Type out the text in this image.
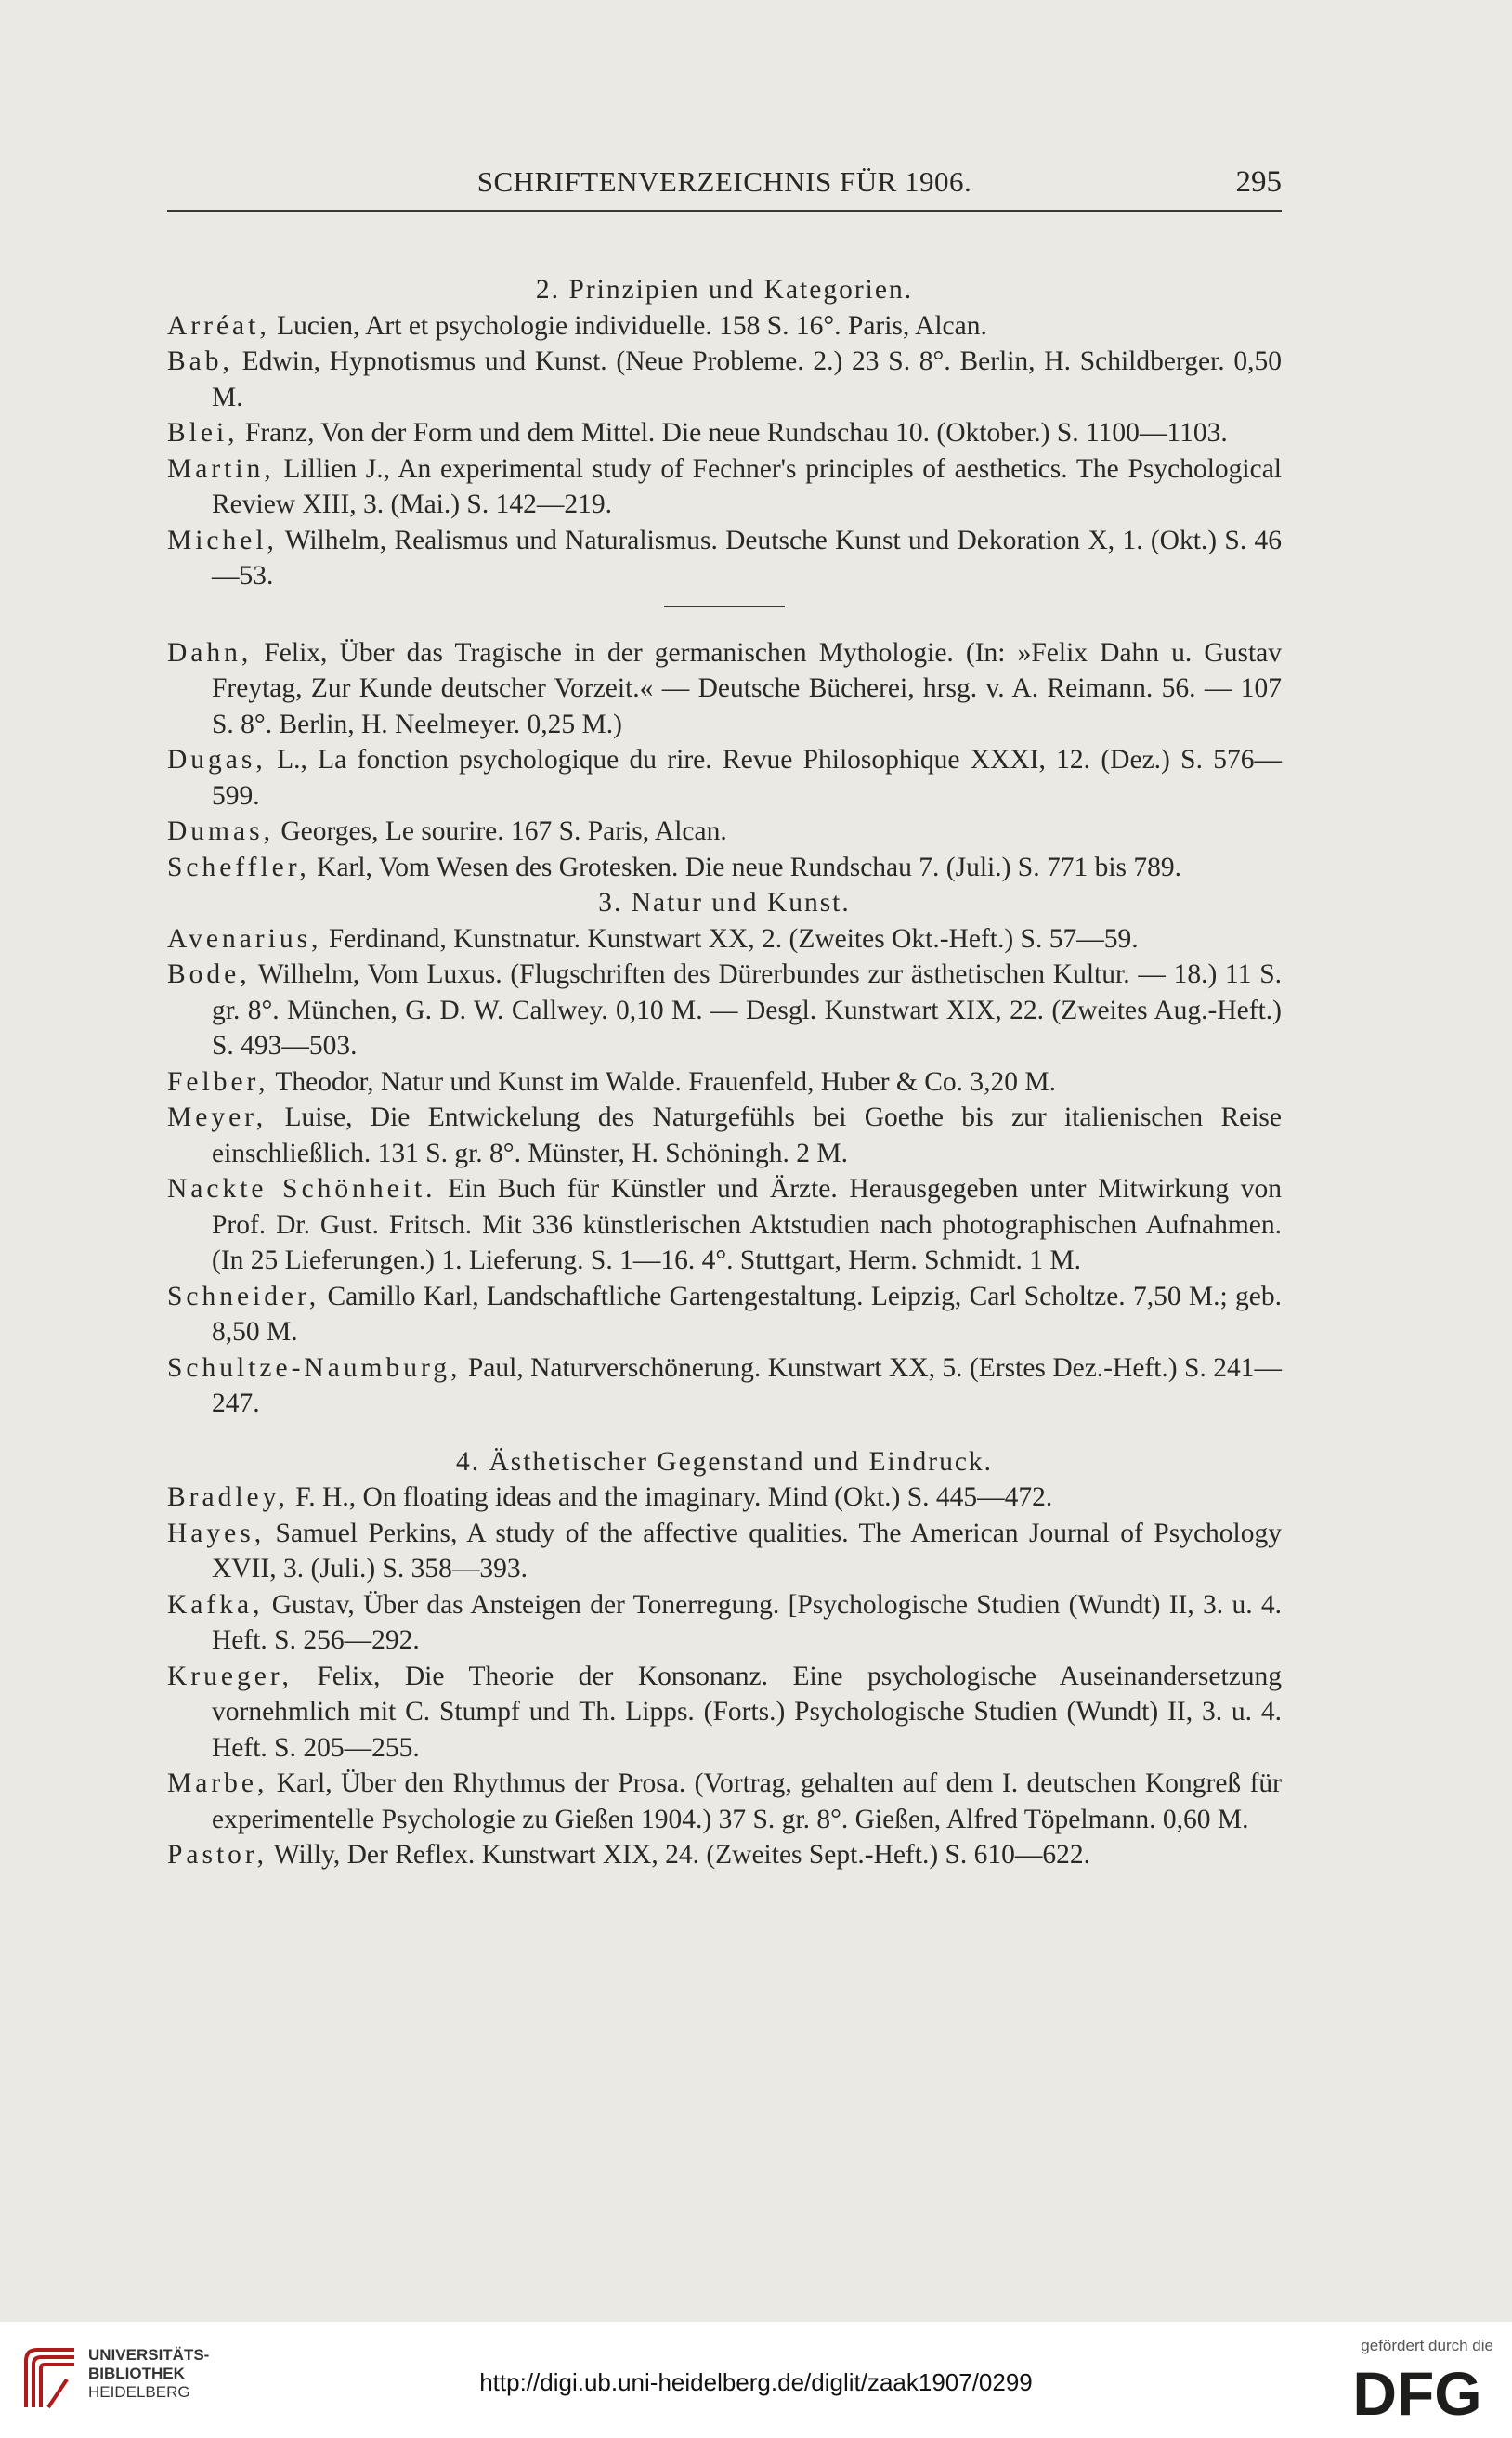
SCHRIFTENVERZEICHNIS FÜR 1906.	295

2. Prinzipien und Kategorien.

Arréat, Lucien, Art et psychologie individuelle. 158 S. 16°. Paris, Alcan.

Bab, Edwin, Hypnotismus und Kunst. (Neue Probleme. 2.) 23 S. 8°. Berlin, H. Schildberger. 0,50 M.

Blei, Franz, Von der Form und dem Mittel. Die neue Rundschau 10. (Oktober.) S. 1100—1103.

Martin, Lillien J., An experimental study of Fechner's principles of aesthetics. The Psychological Review XIII, 3. (Mai.) S. 142—219.

Michel, Wilhelm, Realismus und Naturalismus. Deutsche Kunst und Dekoration X, 1. (Okt.) S. 46—53.

Dahn, Felix, Über das Tragische in der germanischen Mythologie. (In: »Felix Dahn u. Gustav Freytag, Zur Kunde deutscher Vorzeit.« — Deutsche Bücherei, hrsg. v. A. Reimann. 56. — 107 S. 8°. Berlin, H. Neelmeyer. 0,25 M.)

Dugas, L., La fonction psychologique du rire. Revue Philosophique XXXI, 12. (Dez.) S. 576—599.

Dumas, Georges, Le sourire. 167 S. Paris, Alcan.

Scheffler, Karl, Vom Wesen des Grotesken. Die neue Rundschau 7. (Juli.) S. 771 bis 789.

3. Natur und Kunst.

Avenarius, Ferdinand, Kunstnatur. Kunstwart XX, 2. (Zweites Okt.-Heft.) S. 57—59.

Bode, Wilhelm, Vom Luxus. (Flugschriften des Dürerbundes zur ästhetischen Kultur. — 18.) 11 S. gr. 8°. München, G. D. W. Callwey. 0,10 M. — Desgl. Kunstwart XIX, 22. (Zweites Aug.-Heft.) S. 493—503.

Felber, Theodor, Natur und Kunst im Walde. Frauenfeld, Huber & Co. 3,20 M.

Meyer, Luise, Die Entwickelung des Naturgefühls bei Goethe bis zur italienischen Reise einschließlich. 131 S. gr. 8°. Münster, H. Schöningh. 2 M.

Nackte Schönheit. Ein Buch für Künstler und Ärzte. Herausgegeben unter Mitwirkung von Prof. Dr. Gust. Fritsch. Mit 336 künstlerischen Aktstudien nach photographischen Aufnahmen. (In 25 Lieferungen.) 1. Lieferung. S. 1—16. 4°. Stuttgart, Herm. Schmidt. 1 M.

Schneider, Camillo Karl, Landschaftliche Gartengestaltung. Leipzig, Carl Scholtze. 7,50 M.; geb. 8,50 M.

Schultze-Naumburg, Paul, Naturverschönerung. Kunstwart XX, 5. (Erstes Dez.-Heft.) S. 241—247.

4. Ästhetischer Gegenstand und Eindruck.

Bradley, F. H., On floating ideas and the imaginary. Mind (Okt.) S. 445—472.

Hayes, Samuel Perkins, A study of the affective qualities. The American Journal of Psychology XVII, 3. (Juli.) S. 358—393.

Kafka, Gustav, Über das Ansteigen der Tonerregung. [Psychologische Studien (Wundt) II, 3. u. 4. Heft. S. 256—292.

Krueger, Felix, Die Theorie der Konsonanz. Eine psychologische Auseinandersetzung vornehmlich mit C. Stumpf und Th. Lipps. (Forts.) Psychologische Studien (Wundt) II, 3. u. 4. Heft. S. 205—255.

Marbe, Karl, Über den Rhythmus der Prosa. (Vortrag, gehalten auf dem I. deutschen Kongreß für experimentelle Psychologie zu Gießen 1904.) 37 S. gr. 8°. Gießen, Alfred Töpelmann. 0,60 M.

Pastor, Willy, Der Reflex. Kunstwart XIX, 24. (Zweites Sept.-Heft.) S. 610—622.

UNIVERSITÄTS-
BIBLIOTHEK
HEIDELBERG	http://digi.ub.uni-heidelberg.de/diglit/zaak1907/0299
gefördert durch die
DFG
